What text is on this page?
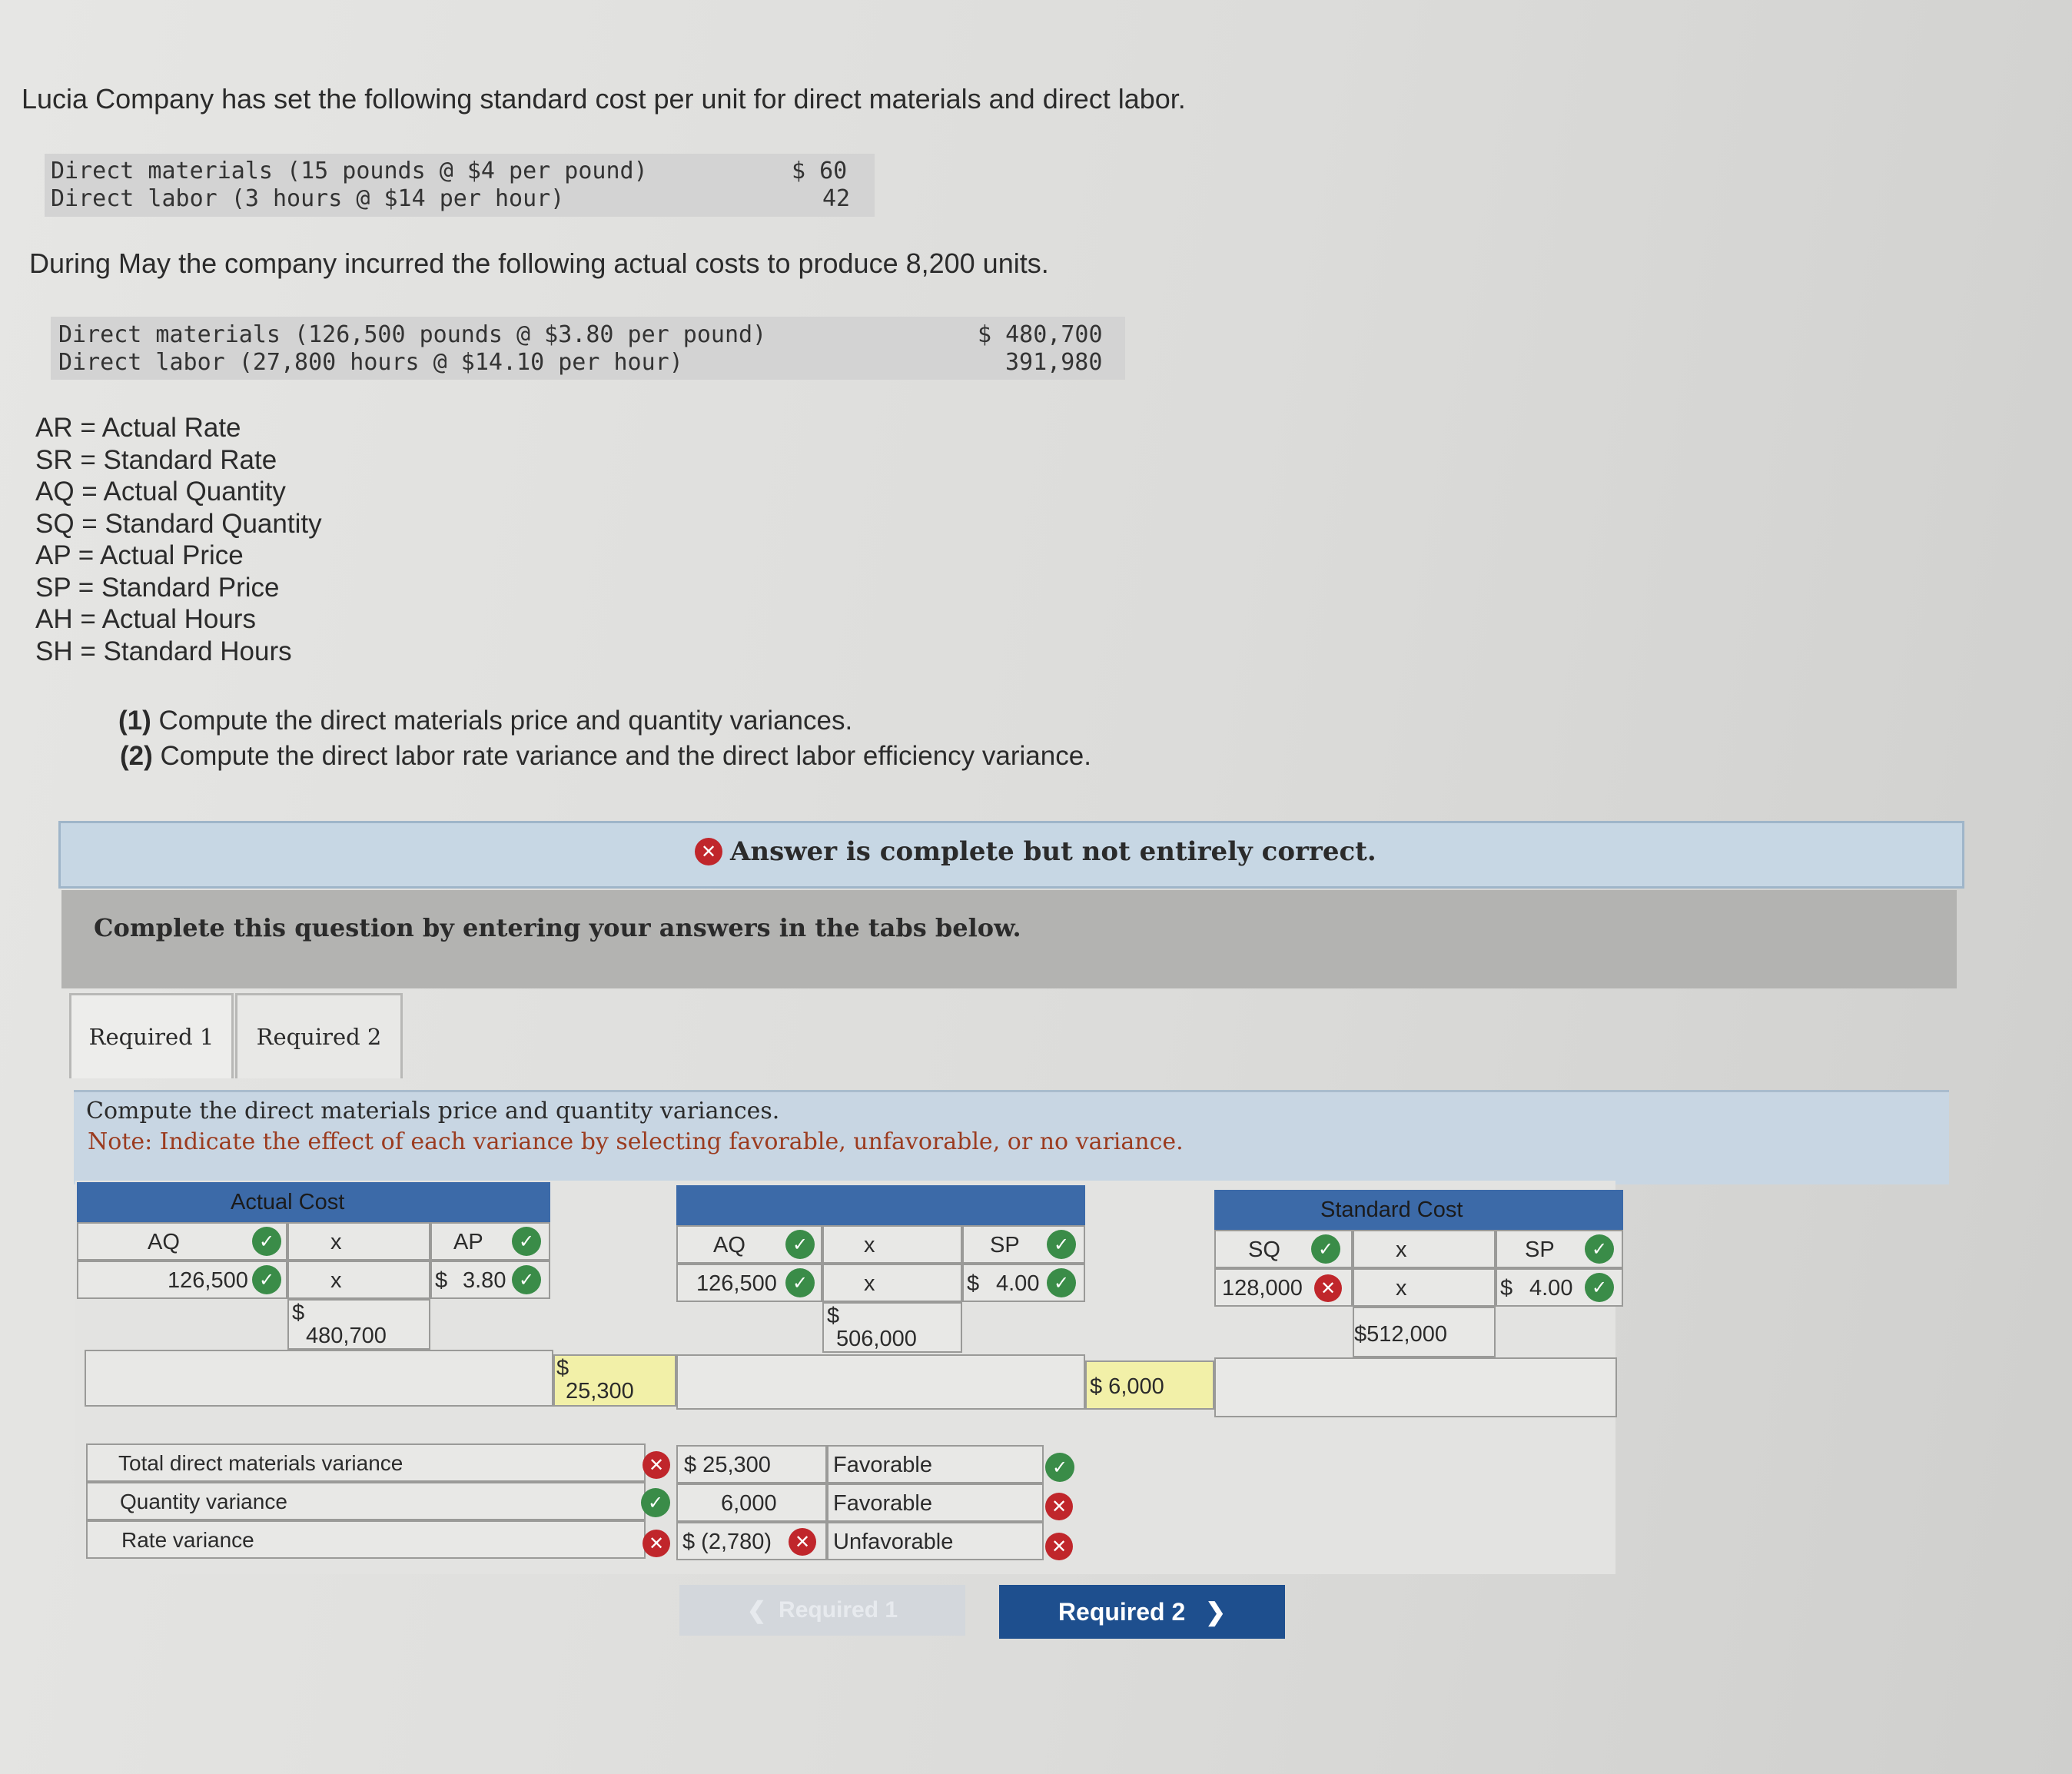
Lucia Company has set the following standard cost per unit for direct materials and direct labor.
Direct materials (15 pounds @ $4 per pound)	$ 60
Direct labor (3 hours @ $14 per hour)	42
During May the company incurred the following actual costs to produce 8,200 units.
Direct materials (126,500 pounds @ $3.80 per pound)	$ 480,700
Direct labor (27,800 hours @ $14.10 per hour)	391,980
AR = Actual Rate
SR = Standard Rate
AQ = Actual Quantity
SQ = Standard Quantity
AP = Actual Price
SP = Standard Price
AH = Actual Hours
SH = Standard Hours
(1) Compute the direct materials price and quantity variances.
(2) Compute the direct labor rate variance and the direct labor efficiency variance.
✕ Answer is complete but not entirely correct.
Complete this question by entering your answers in the tabs below.
Required 1	Required 2
Compute the direct materials price and quantity variances.
Note: Indicate the effect of each variance by selecting favorable, unfavorable, or no variance.
Actual Cost
AQ	✓	x	AP	✓
126,500 ✓	x	$ 3.80 ✓
$
480,700
AQ	✓	x	SP	✓
126,500 ✓	x	$ 4.00 ✓
$
506,000
Standard Cost
SQ	✓	x	SP	✓
128,000 ✕	x	$ 4.00	✓
$512,000
$
25,300	$ 6,000
Total direct materials variance	✕ $ 25,300	Favorable	✓
Quantity variance	✓	6,000	Favorable	✕
Rate variance	✕ $ (2,780)	✕ Unfavorable	✕
❮ Required 1	Required 2 ❯
